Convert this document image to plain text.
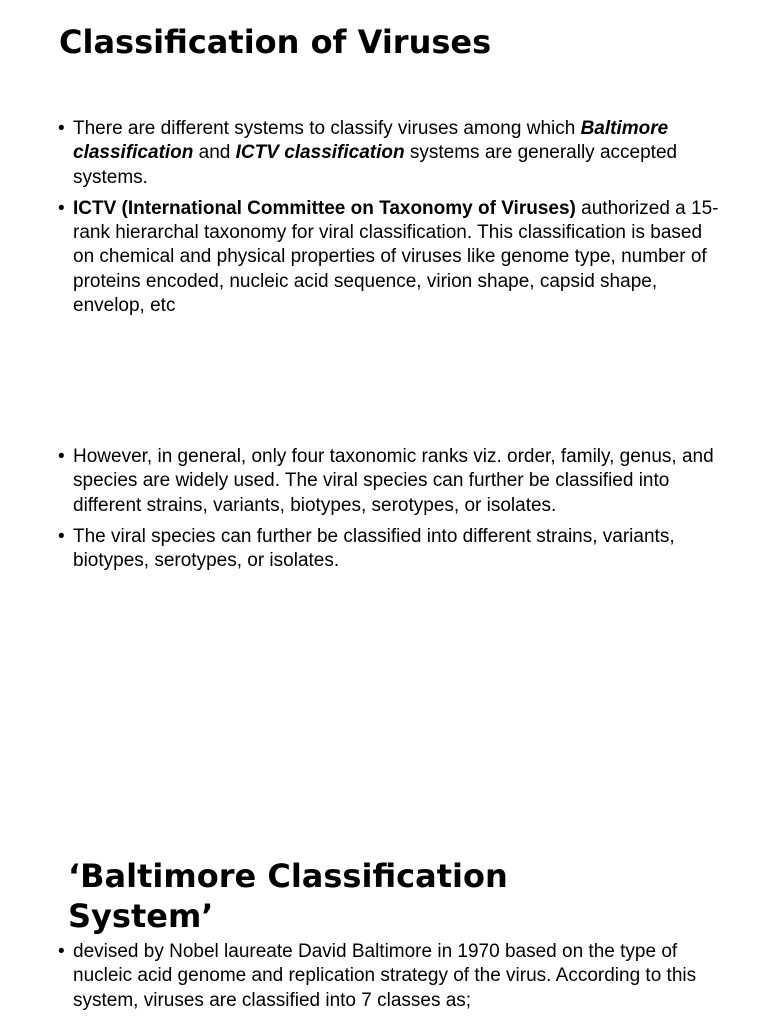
Classification of Viruses
• There are different systems to classify viruses among which Baltimore classification and ICTV classification systems are generally accepted systems.
• ICTV (International Committee on Taxonomy of Viruses) authorized a 15-rank hierarchal taxonomy for viral classification. This classification is based on chemical and physical properties of viruses like genome type, number of proteins encoded, nucleic acid sequence, virion shape, capsid shape, envelop, etc
• However, in general, only four taxonomic ranks viz. order, family, genus, and species are widely used. The viral species can further be classified into different strains, variants, biotypes, serotypes, or isolates.
• The viral species can further be classified into different strains, variants, biotypes, serotypes, or isolates.
‘Baltimore Classification System’
• devised by Nobel laureate David Baltimore in 1970 based on the type of nucleic acid genome and replication strategy of the virus. According to this system, viruses are classified into 7 classes as;
